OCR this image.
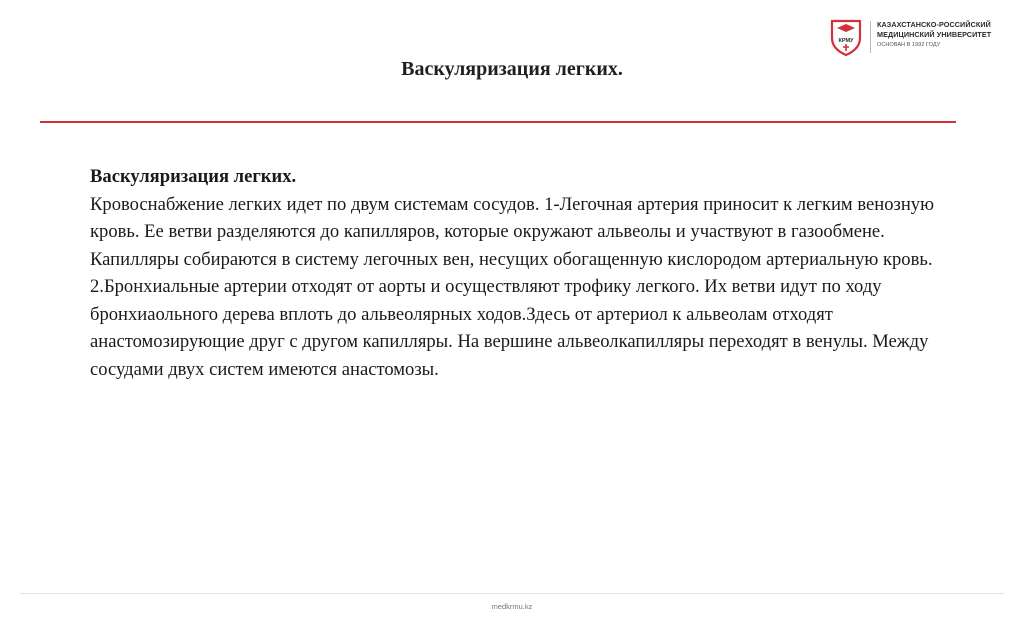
КРМУ
КАЗАХСТАНСКО-РОССИЙСКИЙ
МЕДИЦИНСКИЙ УНИВЕРСИТЕТ
ОСНОВАН В 1992 ГОДУ
Васкуляризация легких.

Васкуляризация легких.

Кровоснабжение легких идет по двум системам сосудов. 1-Легочная артерия приносит к легким венозную кровь. Ее ветви разделяются до капилляров, которые окружают альвеолы и участвуют в газообмене. Капилляры собираются в систему легочных вен, несущих обогащенную кислородом артериальную кровь.

2.Бронхиальные артерии отходят от аорты и осуществляют трофику легкого. Их ветви идут по ходу бронхиаольного дерева вплоть до альвеолярных ходов.Здесь от артериол к альвеолам отходят анастомозирующие друг с другом капилляры. На вершине альвеолкапилляры переходят в венулы. Между сосудами двух систем имеются анастомозы.

medkrmu.kz
